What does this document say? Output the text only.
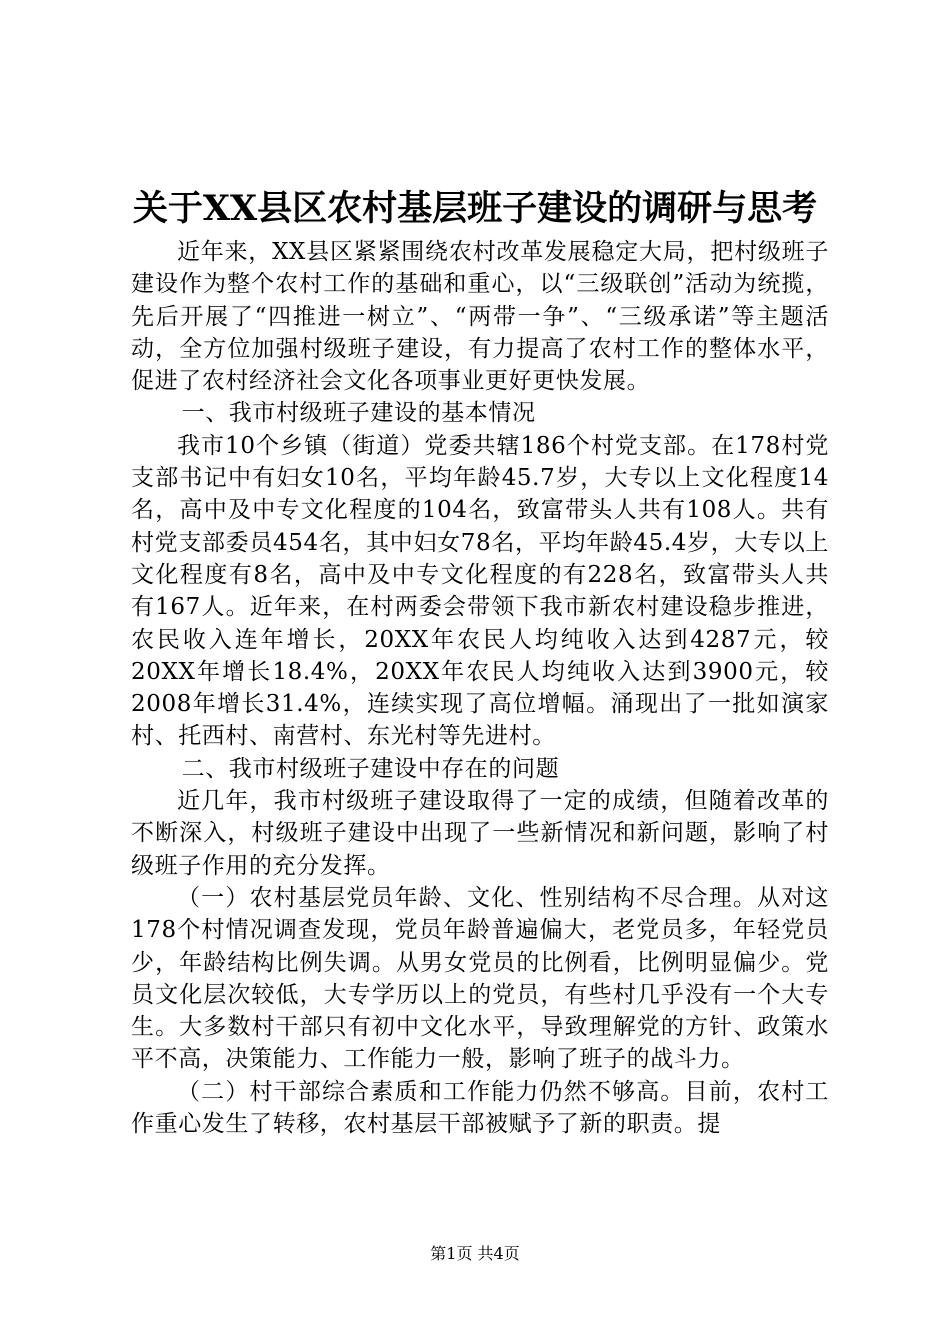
关于XX县区农村基层班子建设的调研与思考

近年来，XX县区紧紧围绕农村改革发展稳定大局，把村级班子建设作为整个农村工作的基础和重心，以“三级联创”活动为统揽，先后开展了“四推进一树立”、“两带一争”、“三级承诺”等主题活动，全方位加强村级班子建设，有力提高了农村工作的整体水平，促进了农村经济社会文化各项事业更好更快发展。

一、我市村级班子建设的基本情况

我市10个乡镇（街道）党委共辖186个村党支部。在178村党支部书记中有妇女10名，平均年龄45.7岁，大专以上文化程度14名，高中及中专文化程度的104名，致富带头人共有108人。共有村党支部委员454名，其中妇女78名，平均年龄45.4岁，大专以上文化程度有8名，高中及中专文化程度的有228名，致富带头人共有167人。近年来，在村两委会带领下我市新农村建设稳步推进，农民收入连年增长，20XX年农民人均纯收入达到4287元，较20XX年增长18.4%，20XX年农民人均纯收入达到3900元，较2008年增长31.4%，连续实现了高位增幅。涌现出了一批如演家村、托西村、南营村、东光村等先进村。

二、我市村级班子建设中存在的问题

近几年，我市村级班子建设取得了一定的成绩，但随着改革的不断深入，村级班子建设中出现了一些新情况和新问题，影响了村级班子作用的充分发挥。

（一）农村基层党员年龄、文化、性别结构不尽合理。从对这178个村情况调查发现，党员年龄普遍偏大，老党员多，年轻党员少，年龄结构比例失调。从男女党员的比例看，比例明显偏少。党员文化层次较低，大专学历以上的党员，有些村几乎没有一个大专生。大多数村干部只有初中文化水平，导致理解党的方针、政策水平不高，决策能力、工作能力一般，影响了班子的战斗力。

（二）村干部综合素质和工作能力仍然不够高。目前，农村工作重心发生了转移，农村基层干部被赋予了新的职责。提

第1页 共4页
